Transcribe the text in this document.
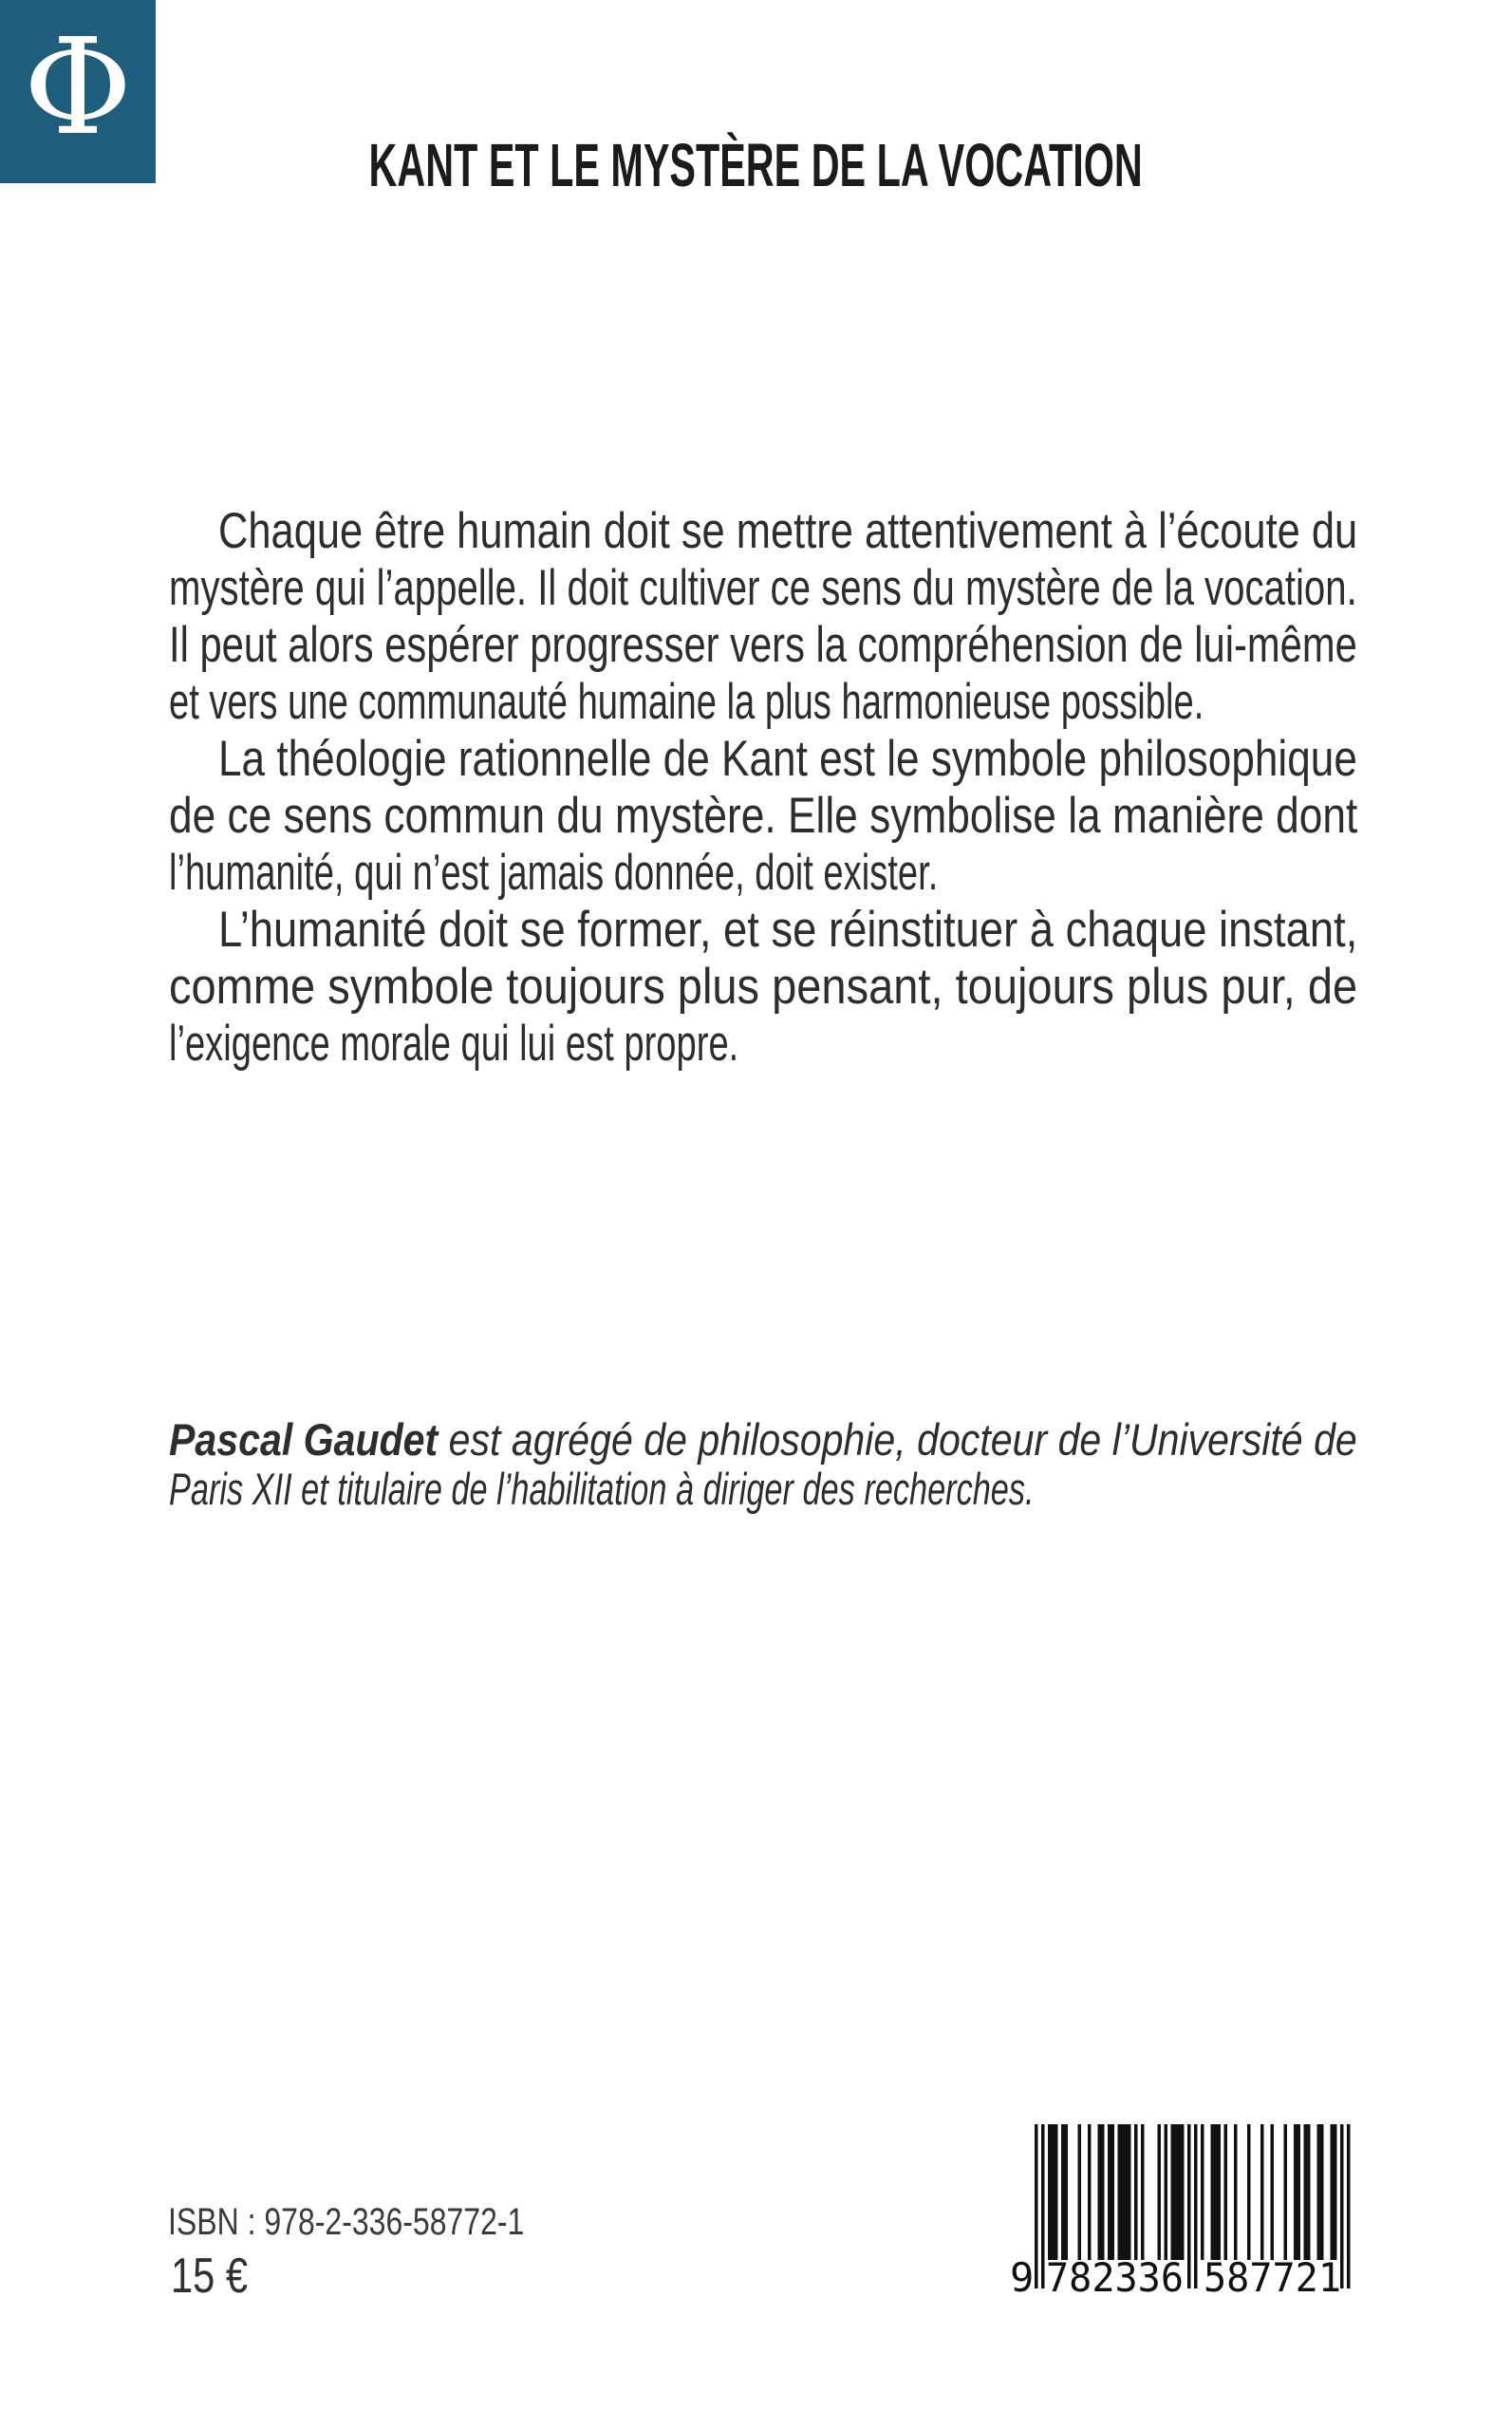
Φ
KANT ET LE MYSTÈRE DE LA VOCATION
Chaque être humain doit se mettre attentivement à l’écoute du
mystère qui l’appelle. Il doit cultiver ce sens du mystère de la vocation.
Il peut alors espérer progresser vers la compréhension de lui-même
et vers une communauté humaine la plus harmonieuse possible.
La théologie rationnelle de Kant est le symbole philosophique
de ce sens commun du mystère. Elle symbolise la manière dont
l’humanité, qui n’est jamais donnée, doit exister.
L’humanité doit se former, et se réinstituer à chaque instant,
comme symbole toujours plus pensant, toujours plus pur, de
l’exigence morale qui lui est propre.
Pascal Gaudet est agrégé de philosophie, docteur de l’Université de
Paris XII et titulaire de l’habilitation à diriger des recherches.
ISBN : 978-2-336-58772-1
15 €	9 782336 587721
